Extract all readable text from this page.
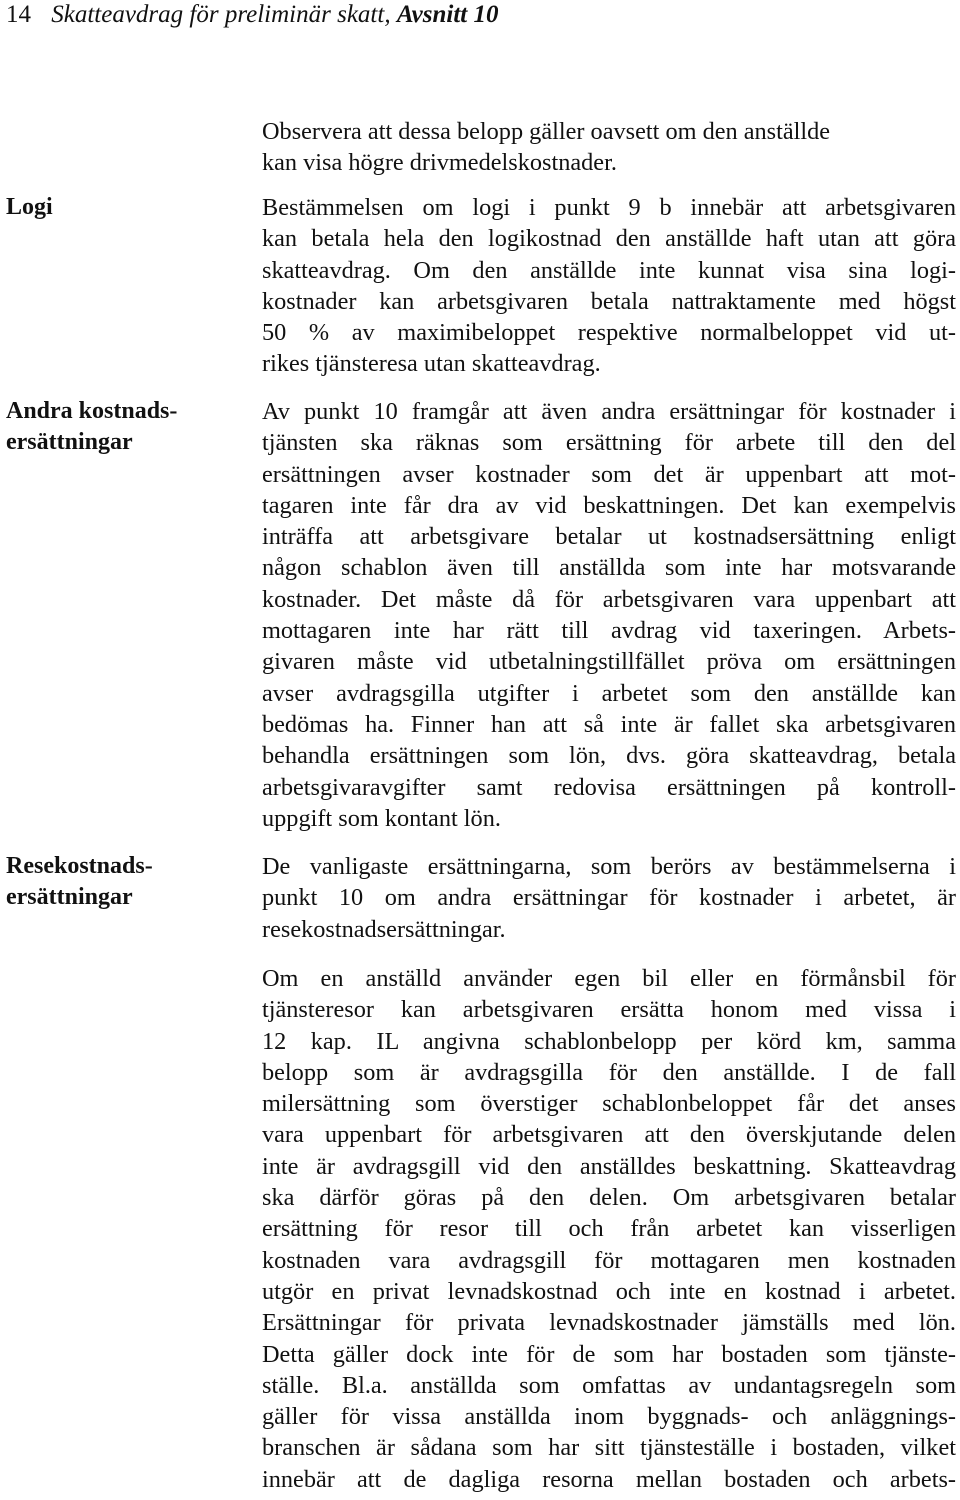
14 Skatteavdrag för preliminär skatt, Avsnitt 10
Logi
Andra kostnads-
ersättningar
Resekostnads-
ersättningar
Observera att dessa belopp gäller oavsett om den anställde
kan visa högre drivmedelskostnader.
Bestämmelsen om logi i punkt 9 b innebär att arbetsgivaren
kan betala hela den logikostnad den anställde haft utan att göra
skatteavdrag. Om den anställde inte kunnat visa sina logi-
kostnader kan arbetsgivaren betala nattraktamente med högst
50 % av maximibeloppet respektive normalbeloppet vid ut-
rikes tjänsteresa utan skatteavdrag.
Av punkt 10 framgår att även andra ersättningar för kostnader i
tjänsten ska räknas som ersättning för arbete till den del
ersättningen avser kostnader som det är uppenbart att mot-
tagaren inte får dra av vid beskattningen. Det kan exempelvis
inträffa att arbetsgivare betalar ut kostnadsersättning enligt
någon schablon även till anställda som inte har motsvarande
kostnader. Det måste då för arbetsgivaren vara uppenbart att
mottagaren inte har rätt till avdrag vid taxeringen. Arbets-
givaren måste vid utbetalningstillfället pröva om ersättningen
avser avdragsgilla utgifter i arbetet som den anställde kan
bedömas ha. Finner han att så inte är fallet ska arbetsgivaren
behandla ersättningen som lön, dvs. göra skatteavdrag, betala
arbetsgivaravgifter samt redovisa ersättningen på kontroll-
uppgift som kontant lön.
De vanligaste ersättningarna, som berörs av bestämmelserna i
punkt 10 om andra ersättningar för kostnader i arbetet, är
resekostnadsersättningar.
Om en anställd använder egen bil eller en förmånsbil för
tjänsteresor kan arbetsgivaren ersätta honom med vissa i
12 kap. IL angivna schablonbelopp per körd km, samma
belopp som är avdragsgilla för den anställde. I de fall
milersättning som överstiger schablonbeloppet får det anses
vara uppenbart för arbetsgivaren att den överskjutande delen
inte är avdragsgill vid den anställdes beskattning. Skatteavdrag
ska därför göras på den delen. Om arbetsgivaren betalar
ersättning för resor till och från arbetet kan visserligen
kostnaden vara avdragsgill för mottagaren men kostnaden
utgör en privat levnadskostnad och inte en kostnad i arbetet.
Ersättningar för privata levnadskostnader jämställs med lön.
Detta gäller dock inte för de som har bostaden som tjänste-
ställe. Bl.a. anställda som omfattas av undantagsregeln som
gäller för vissa anställda inom byggnads- och anläggnings-
branschen är sådana som har sitt tjänsteställe i bostaden, vilket
innebär att de dagliga resorna mellan bostaden och arbets-
